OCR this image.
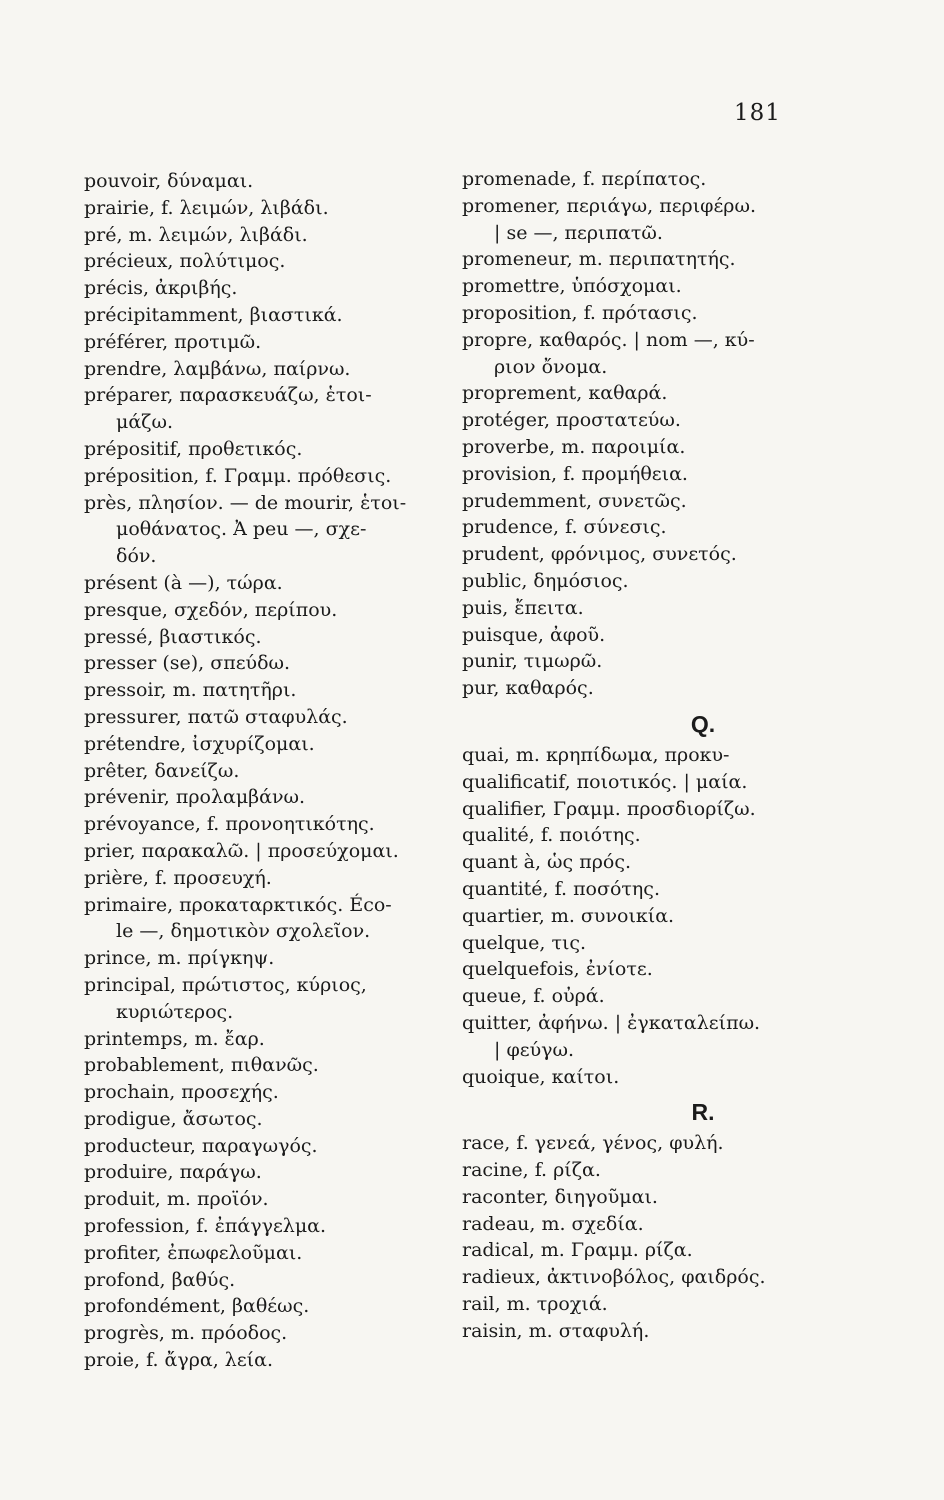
181
pouvoir, δύναμαι.
prairie, f. λειμών, λιβάδι.
pré, m. λειμών, λιβάδι.
précieux, πολύτιμος.
précis, ἀκριβής.
précipitamment, βιαστικά.
préférer, προτιμῶ.
prendre, λαμβάνω, παίρνω.
préparer, παρασκευάζω, ἑτοι-
μάζω.
prépositif, προθετικός.
préposition, f. Γραμμ. πρόθεσις.
près, πλησίον. — de mourir, ἑτοι-
μοθάνατος. Ἀ peu —, σχε-
δόν.
présent (à —), τώρα.
presque, σχεδόν, περίπου.
pressé, βιαστικός.
presser (se), σπεύδω.
pressoir, m. πατητῆρι.
pressurer, πατῶ σταφυλάς.
prétendre, ἰσχυρίζομαι.
prêter, δανείζω.
prévenir, προλαμβάνω.
prévoyance, f. προνοητικότης.
prier, παρακαλῶ. | προσεύχομαι.
prière, f. προσευχή.
primaire, προκαταρκτικός. Éco-
le —, δημοτικὸν σχολεῖον.
prince, m. πρίγκηψ.
principal, πρώτιστος, κύριος,
κυριώτερος.
printemps, m. ἔαρ.
probablement, πιθανῶς.
prochain, προσεχής.
prodigue, ἄσωτος.
producteur, παραγωγός.
produire, παράγω.
produit, m. προϊόν.
profession, f. ἐπάγγελμα.
profiter, ἐπωφελοῦμαι.
profond, βαθύς.
profondément, βαθέως.
progrès, m. πρόοδος.
proie, f. ἄγρα, λεία.
promenade, f. περίπατος.
promener, περιάγω, περιφέρω.
| se —, περιπατῶ.
promeneur, m. περιπατητής.
promettre, ὑπόσχομαι.
proposition, f. πρότασις.
propre, καθαρός. | nom —, κύ-
ριον ὄνομα.
proprement, καθαρά.
protéger, προστατεύω.
proverbe, m. παροιμία.
provision, f. προμήθεια.
prudemment, συνετῶς.
prudence, f. σύνεσις.
prudent, φρόνιμος, συνετός.
public, δημόσιος.
puis, ἔπειτα.
puisque, ἀφοῦ.
punir, τιμωρῶ.
pur, καθαρός.
Q.
quai, m. κρηπίδωμα, προκυ-
qualificatif, ποιοτικός. | μαία.
qualifier, Γραμμ. προσδιορίζω.
qualité, f. ποιότης.
quant à, ὡς πρός.
quantité, f. ποσότης.
quartier, m. συνοικία.
quelque, τις.
quelquefois, ἐνίοτε.
queue, f. οὐρά.
quitter, ἀφήνω. | ἐγκαταλείπω.
| φεύγω.
quoique, καίτοι.
R.
race, f. γενεά, γένος, φυλή.
racine, f. ρίζα.
raconter, διηγοῦμαι.
radeau, m. σχεδία.
radical, m. Γραμμ. ρίζα.
radieux, ἀκτινοβόλος, φαιδρός.
rail, m. τροχιά.
raisin, m. σταφυλή.
